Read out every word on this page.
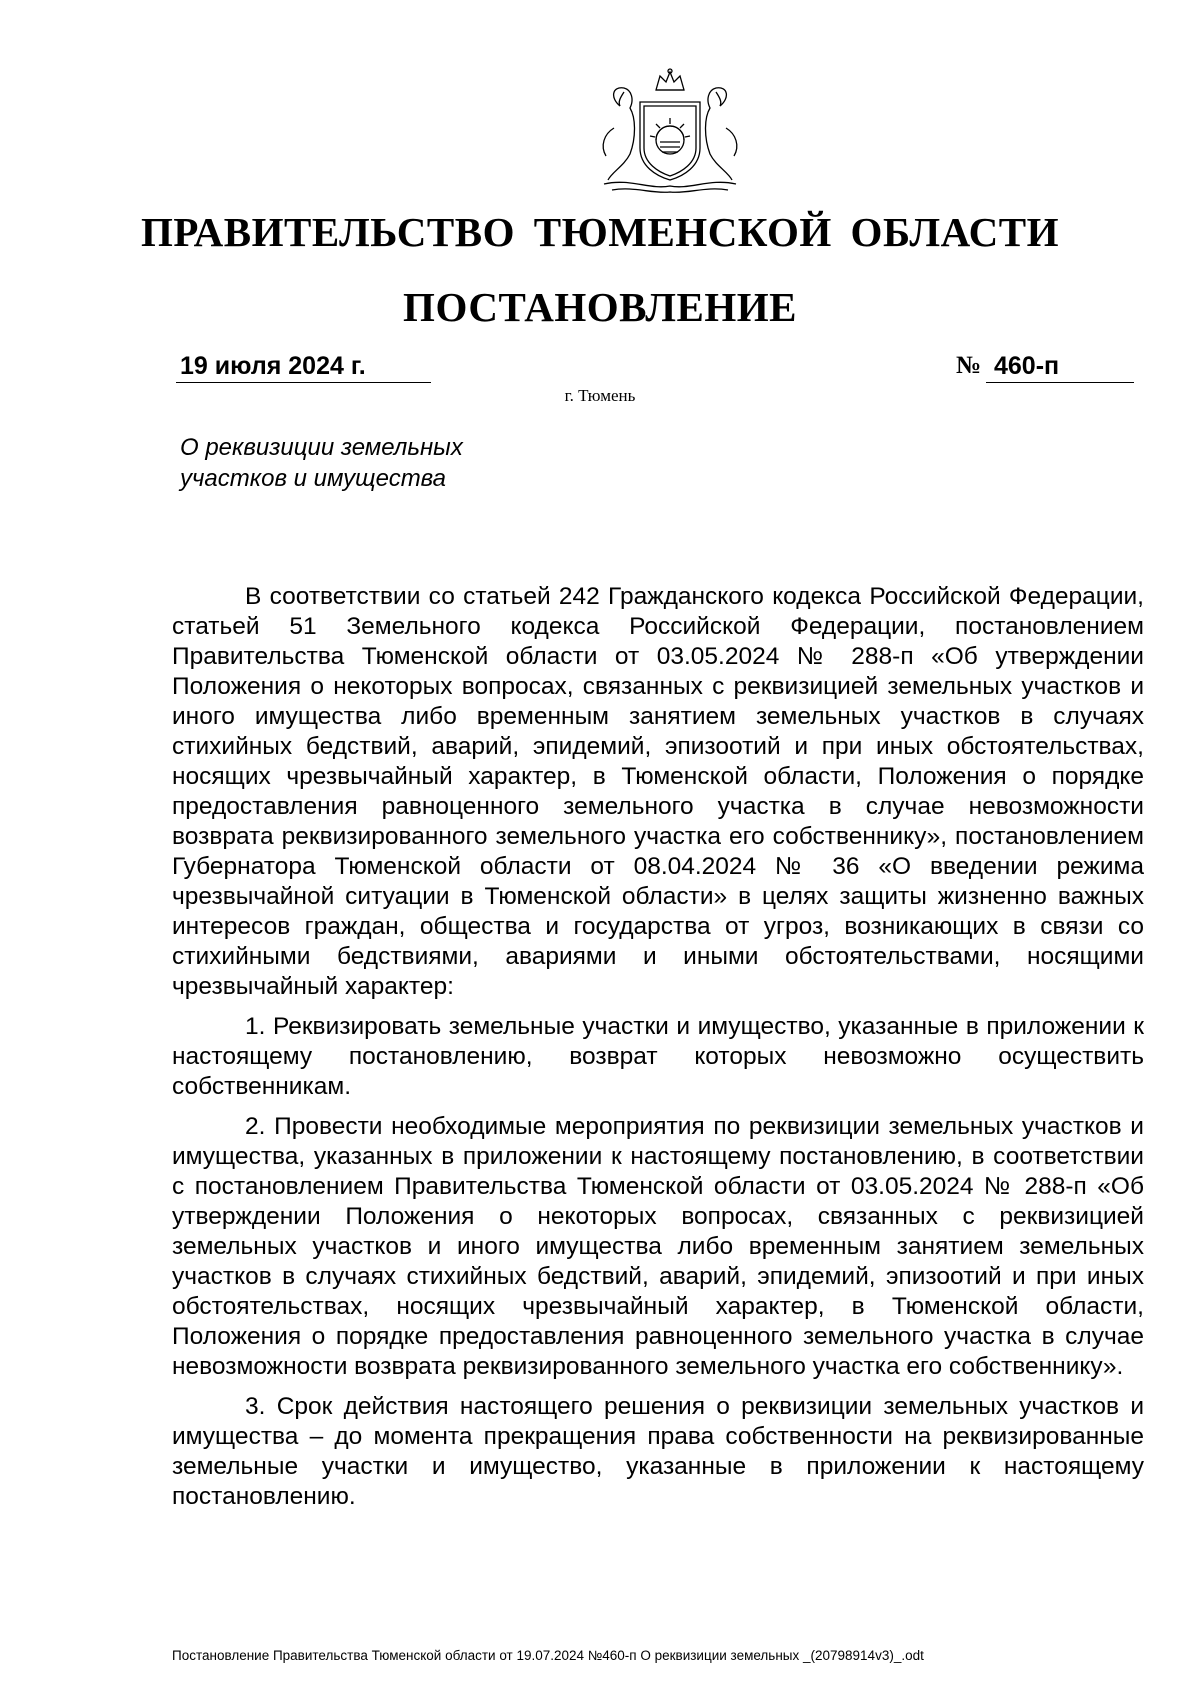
ПРАВИТЕЛЬСТВО ТЮМЕНСКОЙ ОБЛАСТИ
ПОСТАНОВЛЕНИЕ
19 июля 2024 г.	№ 460-п
г. Тюмень
О реквизиции земельных
участков и имущества

В соответствии со статьей 242 Гражданского кодекса Российской Федерации, статьей 51 Земельного кодекса Российской Федерации, постановлением Правительства Тюменской области от 03.05.2024 № 288-п «Об утверждении Положения о некоторых вопросах, связанных с реквизицией земельных участков и иного имущества либо временным занятием земельных участков в случаях стихийных бедствий, аварий, эпидемий, эпизоотий и при иных обстоятельствах, носящих чрезвычайный характер, в Тюменской области, Положения о порядке предоставления равноценного земельного участка в случае невозможности возврата реквизированного земельного участка его собственнику», постановлением Губернатора Тюменской области от 08.04.2024 № 36 «О введении режима чрезвычайной ситуации в Тюменской области» в целях защиты жизненно важных интересов граждан, общества и государства от угроз, возникающих в связи со стихийными бедствиями, авариями и иными обстоятельствами, носящими чрезвычайный характер:

1. Реквизировать земельные участки и имущество, указанные в приложении к настоящему постановлению, возврат которых невозможно осуществить собственникам.

2. Провести необходимые мероприятия по реквизиции земельных участков и имущества, указанных в приложении к настоящему постановлению, в соответствии с постановлением Правительства Тюменской области от 03.05.2024 № 288-п «Об утверждении Положения о некоторых вопросах, связанных с реквизицией земельных участков и иного имущества либо временным занятием земельных участков в случаях стихийных бедствий, аварий, эпидемий, эпизоотий и при иных обстоятельствах, носящих чрезвычайный характер, в Тюменской области, Положения о порядке предоставления равноценного земельного участка в случае невозможности возврата реквизированного земельного участка его собственнику».

3. Срок действия настоящего решения о реквизиции земельных участков и имущества – до момента прекращения права собственности на реквизированные земельные участки и имущество, указанные в приложении к настоящему постановлению.

Постановление Правительства Тюменской области от 19.07.2024 №460-п О реквизиции земельных _(20798914v3)_.odt
